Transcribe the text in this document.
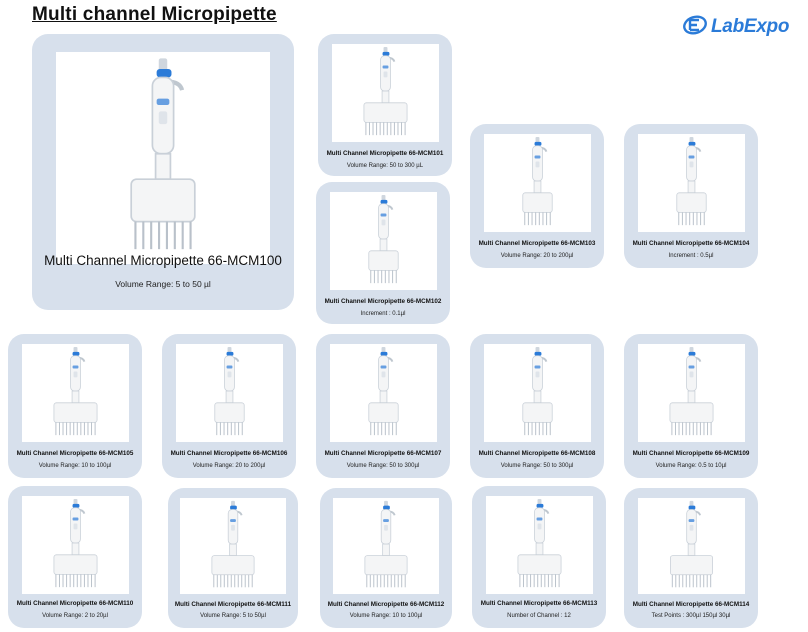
Multi channel Micropipette
LabExpo
Multi Channel Micropipette 66-MCM100
Volume Range: 5 to 50 µl
Multi Channel Micropipette 66-MCM101
Volume Range: 50 to 300 µL
Multi Channel Micropipette 66-MCM102
Increment : 0.1µl
Multi Channel Micropipette 66-MCM103
Volume Range: 20 to 200µl
Multi Channel Micropipette 66-MCM104
Increment : 0.5µl
Multi Channel Micropipette 66-MCM105
Volume Range: 10 to 100µl
Multi Channel Micropipette 66-MCM106
Volume Range: 20 to 200µl
Multi Channel Micropipette 66-MCM107
Volume Range: 50 to 300µl
Multi Channel Micropipette 66-MCM108
Volume Range: 50 to 300µl
Multi Channel Micropipette 66-MCM109
Volume Range: 0.5 to 10µl
Multi Channel Micropipette 66-MCM110
Volume Range: 2 to 20µl
Multi Channel Micropipette 66-MCM111
Volume Range: 5 to 50µl
Multi Channel Micropipette 66-MCM112
Volume Range: 10 to 100µl
Multi Channel Micropipette 66-MCM113
Number of Channel : 12
Multi Channel Micropipette 66-MCM114
Test Points : 300µl 150µl 30µl
